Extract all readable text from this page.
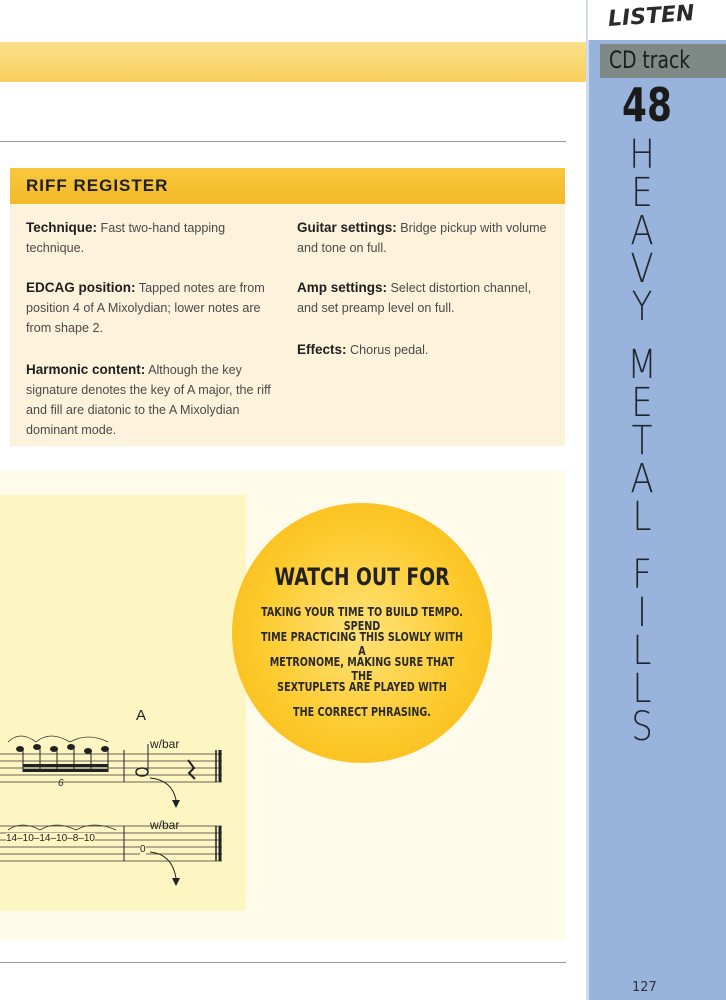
RIFF REGISTER
Technique: Fast two-hand tapping technique.
EDCAG position: Tapped notes are from position 4 of A Mixolydian; lower notes are from shape 2.
Harmonic content: Although the key signature denotes the key of A major, the riff and fill are diatonic to the A Mixolydian dominant mode.
Guitar settings: Bridge pickup with volume and tone on full.
Amp settings: Select distortion channel, and set preamp level on full.
Effects: Chorus pedal.
A
w/bar
w/bar
6
14–10–14–10–8–10
0
WATCH OUT FOR
TAKING YOUR TIME TO BUILD TEMPO. SPEND
TIME PRACTICING THIS SLOWLY WITH A
METRONOME, MAKING SURE THAT THE
SEXTUPLETS ARE PLAYED WITH
THE CORRECT PHRASING.
LISTEN
CD track
48
H
E
A
V
Y
M
E
T
A
L
F
I
L
L
S
127
